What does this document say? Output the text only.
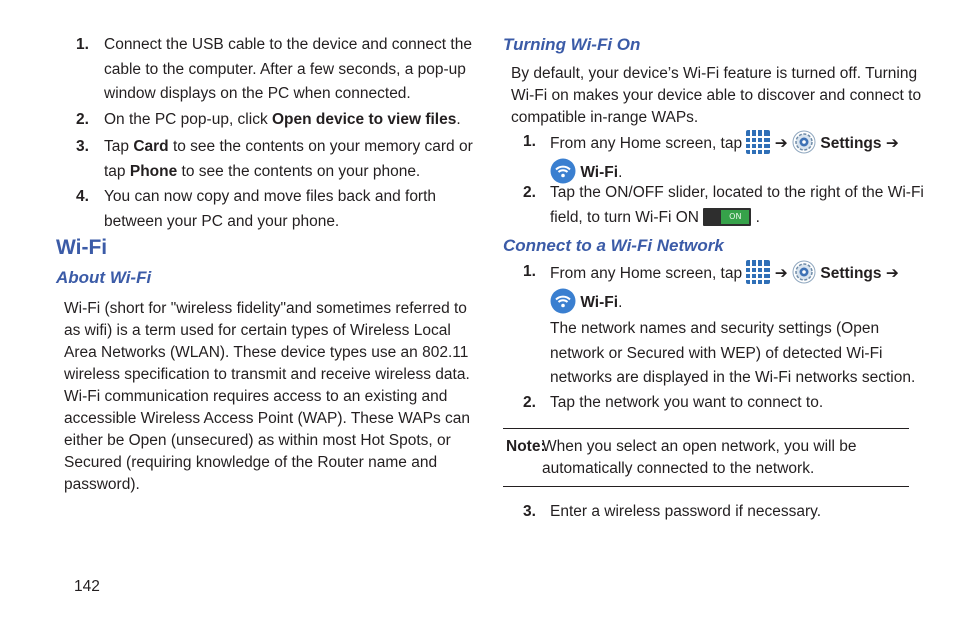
1. Connect the USB cable to the device and connect the
cable to the computer. After a few seconds, a pop-up
window displays on the PC when connected.
2. On the PC pop-up, click Open device to view files.
3. Tap Card to see the contents on your memory card or
tap Phone to see the contents on your phone.
4. You can now copy and move files back and forth
between your PC and your phone.
Wi-Fi
About Wi-Fi
Wi-Fi (short for "wireless fidelity"and sometimes referred to
as wifi) is a term used for certain types of Wireless Local
Area Networks (WLAN). These device types use an 802.11
wireless specification to transmit and receive wireless data.
Wi-Fi communication requires access to an existing and
accessible Wireless Access Point (WAP). These WAPs can
either be Open (unsecured) as within most Hot Spots, or
Secured (requiring knowledge of the Router name and
password).
Turning Wi-Fi On
By default, your device’s Wi-Fi feature is turned off. Turning
Wi-Fi on makes your device able to discover and connect to
compatible in-range WAPs.
1. From any Home screen, tap  ➔ Settings ➔
Wi-Fi.
2. Tap the ON/OFF slider, located to the right of the Wi-Fi
field, to turn Wi-Fi ON	ON .
Connect to a Wi-Fi Network
1. From any Home screen, tap  ➔ Settings ➔
Wi-Fi.
The network names and security settings (Open
network or Secured with WEP) of detected Wi-Fi
networks are displayed in the Wi-Fi networks section.
2. Tap the network you want to connect to.
3. Enter a wireless password if necessary.
Note:
When you select an open network, you will be
automatically connected to the network.
142
